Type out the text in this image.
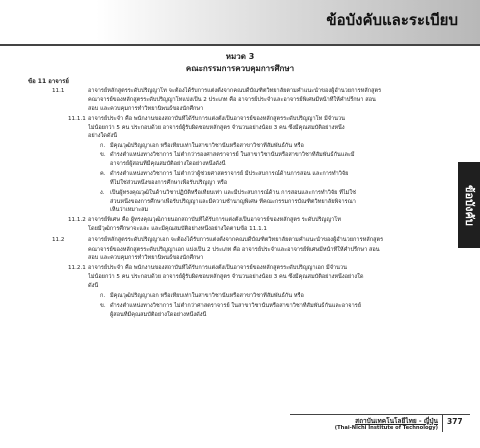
ข้อบังคับและระเบียบ
ข้อบังคับ
หมวด 3
คณะกรรมการควบคุมการศึกษา
ข้อ 11 อาจารย์
11.1	อาจารย์หลักสูตรระดับปริญญาโท จะต้องได้รับการแต่งตั้งจากคณบดีบัณฑิตวิทยาลัยตามคำแนะนำของผู้อำนวยการหลักสูตร
คณาจารย์ของหลักสูตรระดับปริญญาโทแบ่งเป็น 2 ประเภท คือ อาจารย์ประจำและอาจารย์พิเศษมีหน้าที่ให้คำปรึกษา สอน
สอบ และควบคุมการทำวิทยานิพนธ์ของนักศึกษา
11.1.1 อาจารย์ประจำ คือ พนักงานของสถาบันที่ได้รับการแต่งตั้งเป็นอาจารย์ของหลักสูตรระดับปริญญาโท มีจำนวน
ไม่น้อยกว่า 5 คน ประกอบด้วย อาจารย์ผู้รับผิดชอบหลักสูตร จำนวนอย่างน้อย 3 คน ซึ่งมีคุณสมบัติอย่างหนึ่ง
อย่างใดดังนี้
ก. มีคุณวุฒิปริญญาเอก หรือเทียบเท่าในสาขาวิชานั้นหรือสาขาวิชาที่สัมพันธ์กัน หรือ
ข. ดำรงตำแหน่งทางวิชาการ ไม่ต่ำกว่ารองศาสตราจารย์ ในสาขาวิชานั้นหรือสาขาวิชาที่สัมพันธ์กันและมี
อาจารย์ผู้สอนที่มีคุณสมบัติอย่างใดอย่างหนึ่งดังนี้
ค. ดำรงตำแหน่งทางวิชาการ ไม่ต่ำกว่าผู้ช่วยศาสตราจารย์ มีประสบการณ์ด้านการสอน และการทำวิจัย
ที่ไม่ใช่ส่วนหนึ่งของการศึกษาเพื่อรับปริญญา หรือ
ง. เป็นผู้ทรงคุณวุฒิในด้านวิชาปฏิบัติหรือเทียบเท่า และมีประสบการณ์ด้าน การสอนและการทำวิจัย ที่ไม่ใช่
ส่วนหนึ่งของการศึกษาเพื่อรับปริญญาและมีความชำนาญพิเศษ ที่คณะกรรมการบัณฑิตวิทยาลัยพิจารณา
เห็นว่าเหมาะสม
11.1.2 อาจารย์พิเศษ คือ ผู้ทรงคุณวุฒิภายนอกสถาบันที่ได้รับการแต่งตั้งเป็นอาจารย์ของหลักสูตร ระดับปริญญาโท
โดยมีวุฒิการศึกษาจะและ และมีคุณสมบัติอย่างหนึ่งอย่างใดตามข้อ 11.1.1
11.2	อาจารย์หลักสูตรระดับปริญญาเอก จะต้องได้รับการแต่งตั้งจากคณบดีบัณฑิตวิทยาลัยตามคำแนะนำของผู้อำนวยการหลักสูตร
คณาจารย์ของหลักสูตรระดับปริญญาเอก แบ่งเป็น 2 ประเภท คือ อาจารย์ประจำและอาจารย์พิเศษมีหน้าที่ให้คำปรึกษา สอน
สอบ และควบคุมการทำวิทยานิพนธ์ของนักศึกษา
11.2.1 อาจารย์ประจำ คือ พนักงานของสถาบันที่ได้รับการแต่งตั้งเป็นอาจารย์ของหลักสูตรระดับปริญญาเอก มีจำนวน
ไม่น้อยกว่า 5 คน ประกอบด้วย อาจารย์ผู้รับผิดชอบหลักสูตร จำนวนอย่างน้อย 3 คน ซึ่งมีคุณสมบัติอย่างหนึ่งอย่างใด
ดังนี้
ก. มีคุณวุฒิปริญญาเอก หรือเทียบเท่าในสาขาวิชานั้นหรือสาขาวิชาที่สัมพันธ์กัน หรือ
ข. ดำรงตำแหน่งทางวิชาการ ไม่ต่ำกว่าศาสตราจารย์ ในสาขาวิชานั้นหรือสาขาวิชาที่สัมพันธ์กันและอาจารย์
ผู้สอนที่มีคุณสมบัติอย่างใดอย่างหนึ่งดังนี้
สถาบันเทคโนโลยีไทย - ญี่ปุ่น
(Thai-Nichi Institute of Technology)
377
